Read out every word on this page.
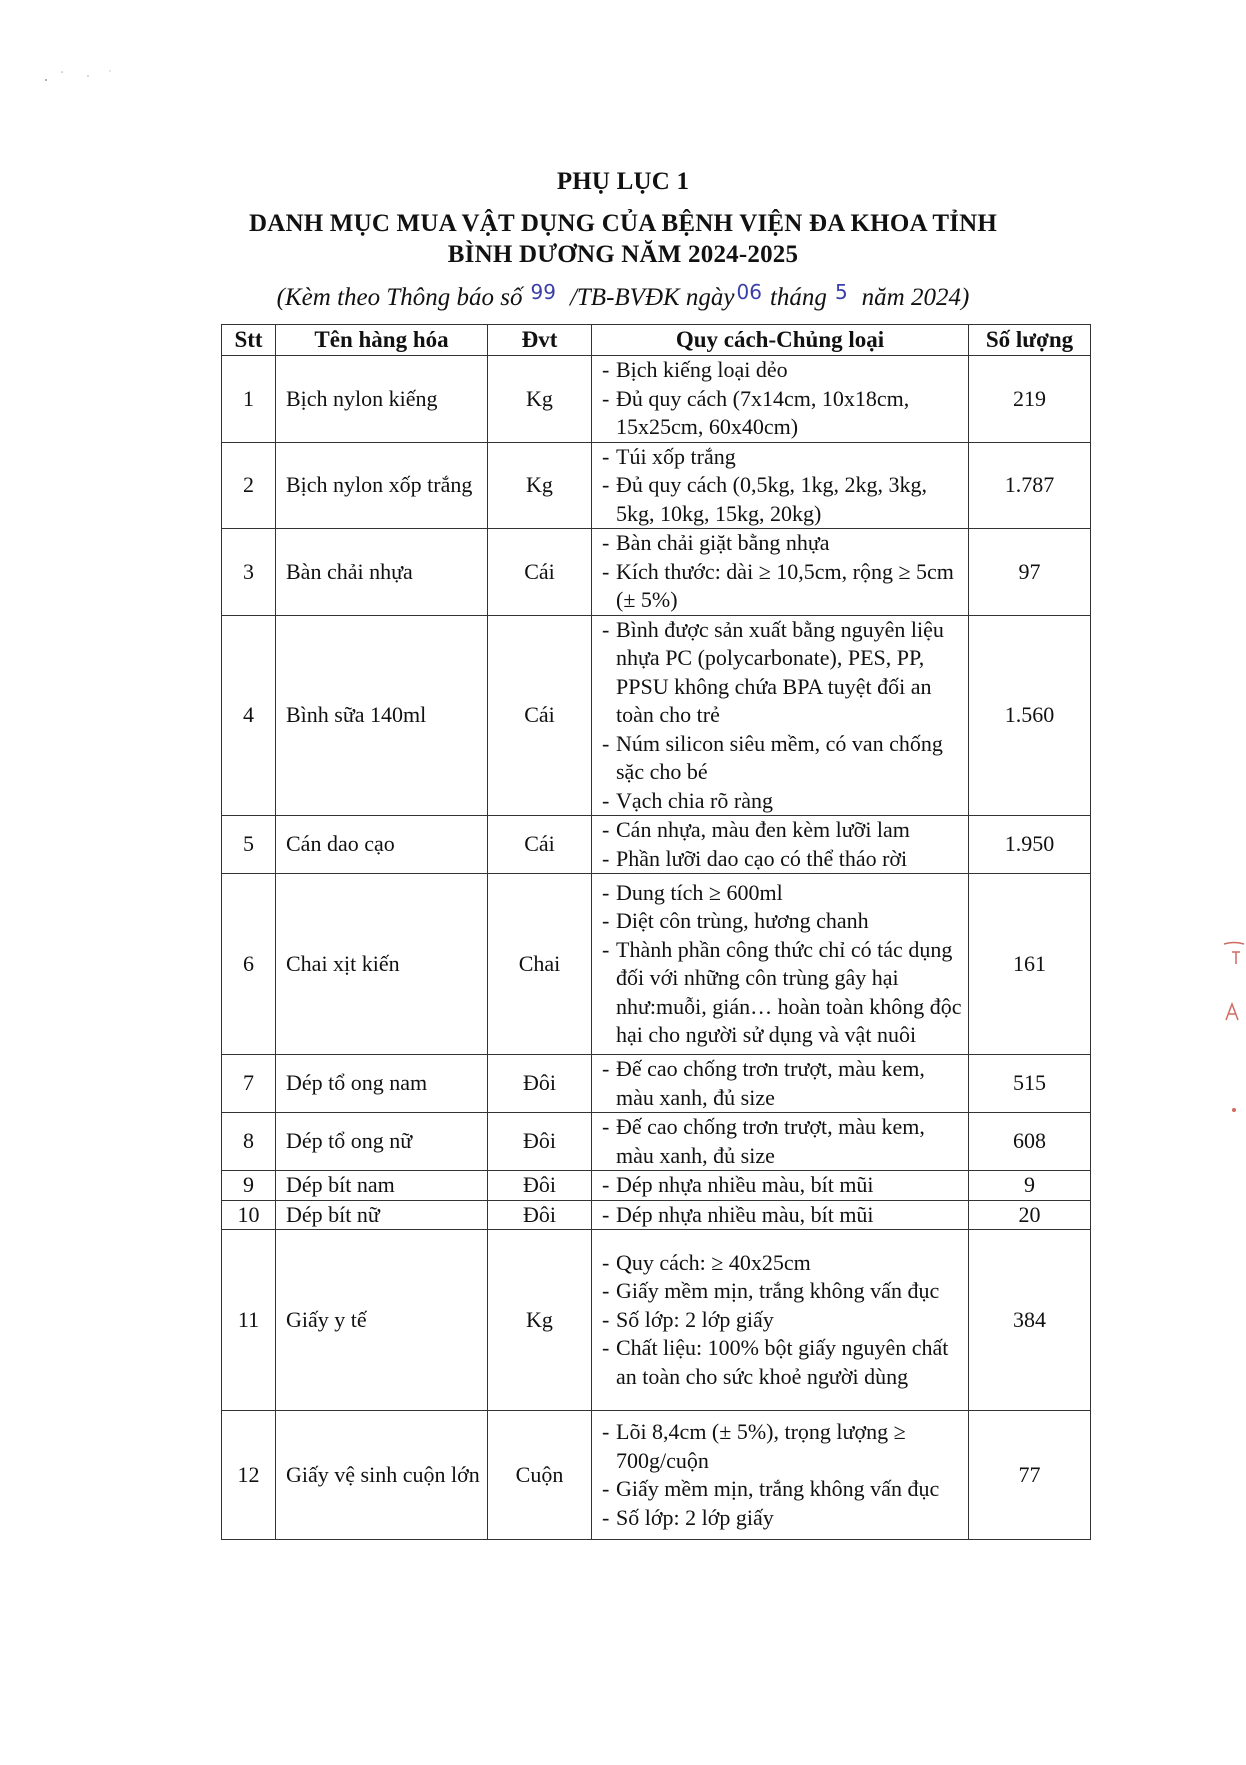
PHỤ LỤC 1
DANH MỤC MUA VẬT DỤNG CỦA BỆNH VIỆN ĐA KHOA TỈNH
BÌNH DƯƠNG NĂM 2024-2025
(Kèm theo Thông báo số 99 /TB-BVĐK ngày 06 tháng 5 năm 2024)
Stt	Tên hàng hóa	Đvt	Quy cách-Chủng loại	Số lượng
1	Bịch nylon kiếng	Kg	- Bịch kiếng loại dẻo
- Đủ quy cách (7x14cm, 10x18cm, 15x25cm, 60x40cm)	219
2	Bịch nylon xốp trắng	Kg	- Túi xốp trắng
- Đủ quy cách (0,5kg, 1kg, 2kg, 3kg, 5kg, 10kg, 15kg, 20kg)	1.787
3	Bàn chải nhựa	Cái	- Bàn chải giặt bằng nhựa
- Kích thước: dài ≥ 10,5cm, rộng ≥ 5cm (± 5%)	97
4	Bình sữa 140ml	Cái	- Bình được sản xuất bằng nguyên liệu nhựa PC (polycarbonate), PES, PP, PPSU không chứa BPA tuyệt đối an toàn cho trẻ
- Núm silicon siêu mềm, có van chống sặc cho bé
- Vạch chia rõ ràng	1.560
5	Cán dao cạo	Cái	- Cán nhựa, màu đen kèm lưỡi lam
- Phần lưỡi dao cạo có thể tháo rời	1.950
6	Chai xịt kiến	Chai	- Dung tích ≥ 600ml
- Diệt côn trùng, hương chanh
- Thành phần công thức chỉ có tác dụng đối với những côn trùng gây hại như:muỗi, gián… hoàn toàn không độc hại cho người sử dụng và vật nuôi	161
7	Dép tổ ong nam	Đôi	- Đế cao chống trơn trượt, màu kem, màu xanh, đủ size	515
8	Dép tổ ong nữ	Đôi	- Đế cao chống trơn trượt, màu kem, màu xanh, đủ size	608
9	Dép bít nam	Đôi	- Dép nhựa nhiều màu, bít mũi	9
10	Dép bít nữ	Đôi	- Dép nhựa nhiều màu, bít mũi	20
11	Giấy y tế	Kg	- Quy cách: ≥ 40x25cm
- Giấy mềm mịn, trắng không vấn đục
- Số lớp: 2 lớp giấy
- Chất liệu: 100% bột giấy nguyên chất an toàn cho sức khoẻ người dùng	384
12	Giấy vệ sinh cuộn lớn	Cuộn	- Lõi 8,4cm (± 5%), trọng lượng ≥ 700g/cuộn
- Giấy mềm mịn, trắng không vấn đục
- Số lớp: 2 lớp giấy	77
